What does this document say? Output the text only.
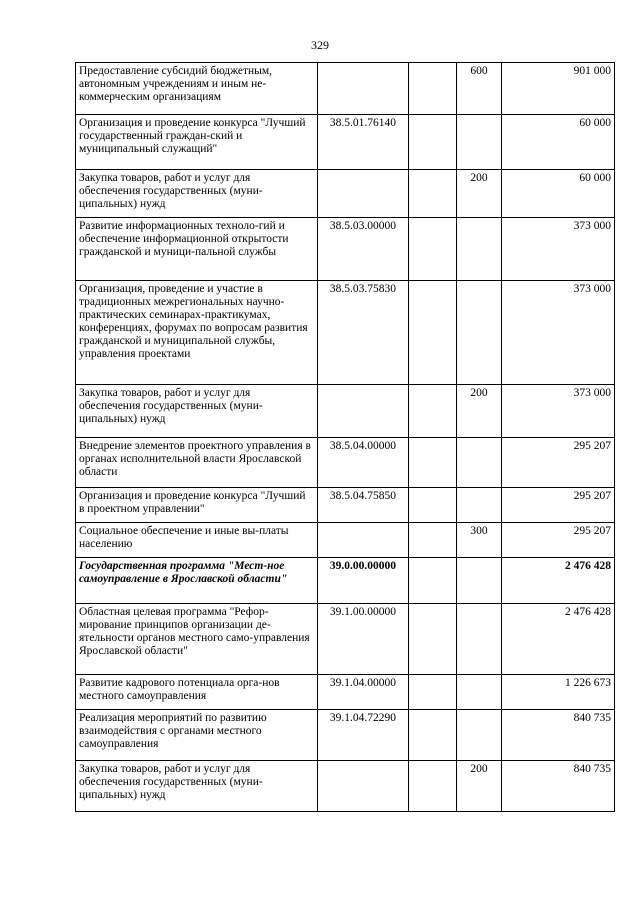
329
Предоставление субсидий бюджетным, автономным учреждениям и иным не-коммерческим организациям			600	901 000
Организация и проведение конкурса "Лучший государственный граждан-ский и муниципальный служащий"	38.5.01.76140			60 000
Закупка товаров, работ и услуг для обеспечения государственных (муни-ципальных) нужд			200	60 000
Развитие информационных техноло-гий и обеспечение информационной открытости гражданской и муници-пальной службы	38.5.03.00000			373 000
Организация, проведение и участие в традиционных межрегиональных научно-практических семинарах-практикумах, конференциях, форумах по вопросам развития гражданской и муниципальной службы, управления проектами	38.5.03.75830			373 000
Закупка товаров, работ и услуг для обеспечения государственных (муни-ципальных) нужд			200	373 000
Внедрение элементов проектного управления в органах исполнительной власти Ярославской области	38.5.04.00000			295 207
Организация и проведение конкурса "Лучший в проектном управлении"	38.5.04.75850			295 207
Социальное обеспечение и иные вы-платы населению			300	295 207
Государственная программа "Мест-ное самоуправление в Ярославской области"	39.0.00.00000			2 476 428
Областная целевая программа "Рефор-мирование принципов организации де-ятельности органов местного само-управления Ярославской области"	39.1.00.00000			2 476 428
Развитие кадрового потенциала орга-нов местного самоуправления	39.1.04.00000			1 226 673
Реализация мероприятий по развитию взаимодействия с органами местного самоуправления	39.1.04.72290			840 735
Закупка товаров, работ и услуг для обеспечения государственных (муни-ципальных) нужд			200	840 735
